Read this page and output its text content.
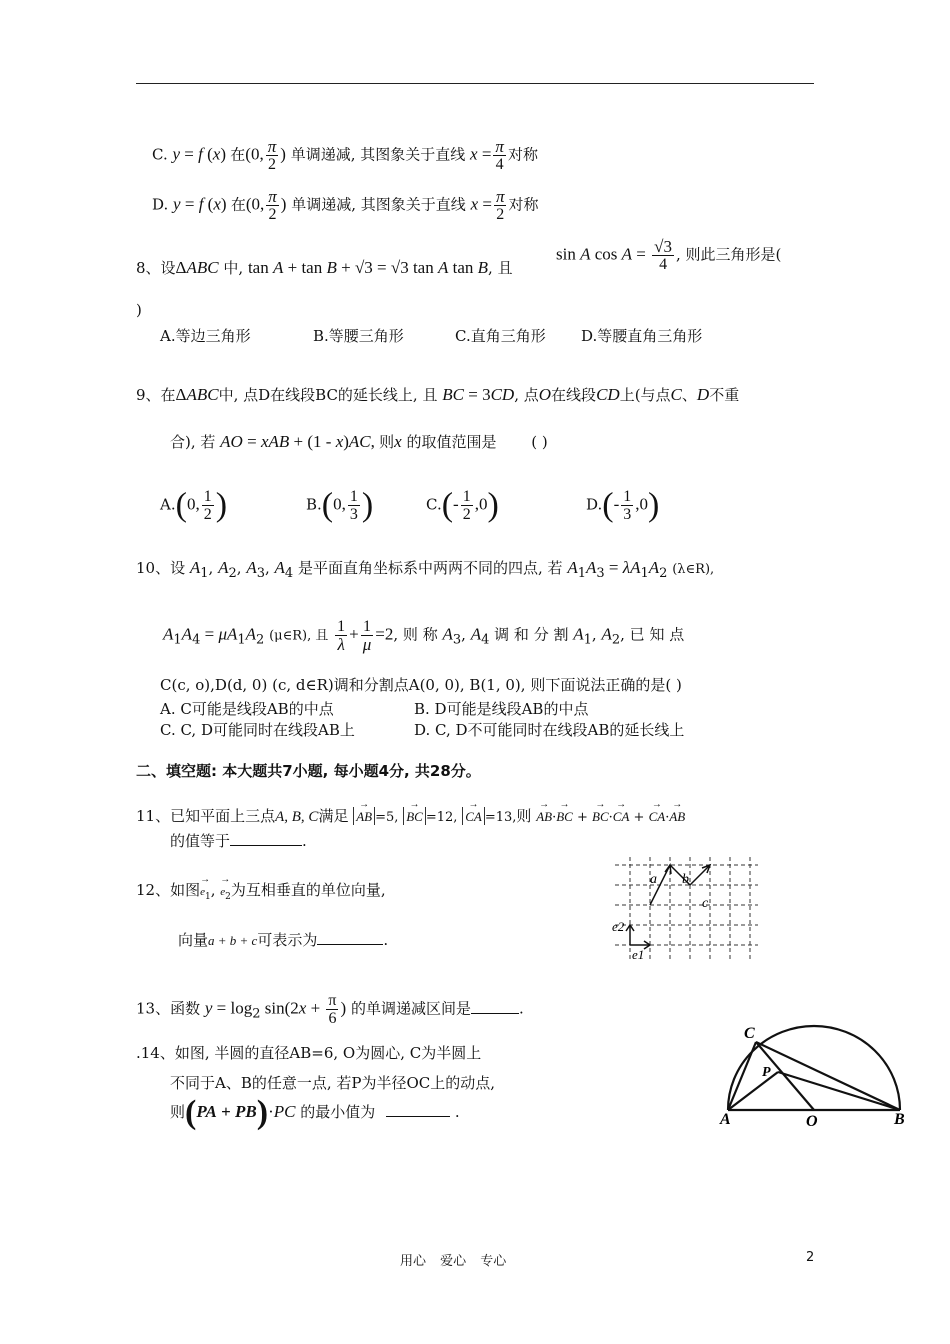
C. y = f (x) 在(0, $\frac{\pi}{2}$ ) 单调递减, 其图象关于直线 $x = \frac{\pi}{4}$ 对称
D. y = f (x) 在(0, $\frac{\pi}{2}$ ) 单调递减, 其图象关于直线 $x = \frac{\pi}{2}$ 对称
8、设ΔABC 中, tan A + tan B + √3 = √3 tan A tan B, 且
sin A $\cos A = \frac{√3}{4}$ , 则此三角形是(
)
A.等边三角形	B.等腰三角形	C.直角三角形 D.等腰直角三角形
9、在ΔABC中, 点D在线段BC的延长线上, 且 BC = 3CD, 点O在线段CD上(与点C、D不重
合), 若 AO = xAB + (1 - x)AC, 则x 的取值范围是 ( )
A.(0, $\frac{1}{2}$ )	B.(0, $\frac{1}{3}$ )	$C.(- \frac{1}{2} ,0)$	$D.(- \frac{1}{3} ,0)$
10、设 $A_1$, $A_2$, $A_3$, $A_4$ 是平面直角坐标系中两两不同的四点, 若 $A_1A_3 = \lambda A_1A_2$ (λ∈R),
$A_1A_4 = \mu A_1A_2$ (μ∈R), 且 $\frac{1}{\lambda} + \frac{1}{\mu} =2$, 则 称 $A_3$, $A_4$ 调 和 分 割 $A_1$, $A_2$, 已 知 点
C(c, o),D(d, 0) (c, d∈R)调和分割点A(0, 0), B(1, 0), 则下面说法正确的是( )
A. C可能是线段AB的中点	B. D可能是线段AB的中点
C. C, D可能同时在线段AB上	D. C, D不可能同时在线段AB的延长线上
二、填空题: 本大题共7小题, 每小题4分, 共28分。
11、已知平面上三点A, B, C满足 → AB =5, → BC =12, → CA =13,则 → AB·→ BC + → BC·→ CA + → CA·→ AB
的值等于	.
12、如图→ $e_1$, → $e_2$为互相垂直的单位向量,
向量a + b + c可表示为	.
a b
c
e2
e1
13、函数 $y = \log_2 \sin(2x + \frac{\pi}{6}$ ) 的单调递减区间是	.
.14、如图, 半圆的直径AB=6, O为圆心, C为半圆上
不同于A、B的任意一点, 若P为半径OC上的动点,
则(PA + PB)·PC 的最小值为	.
C
P
A	O	B
用心 爱心 专心	2
